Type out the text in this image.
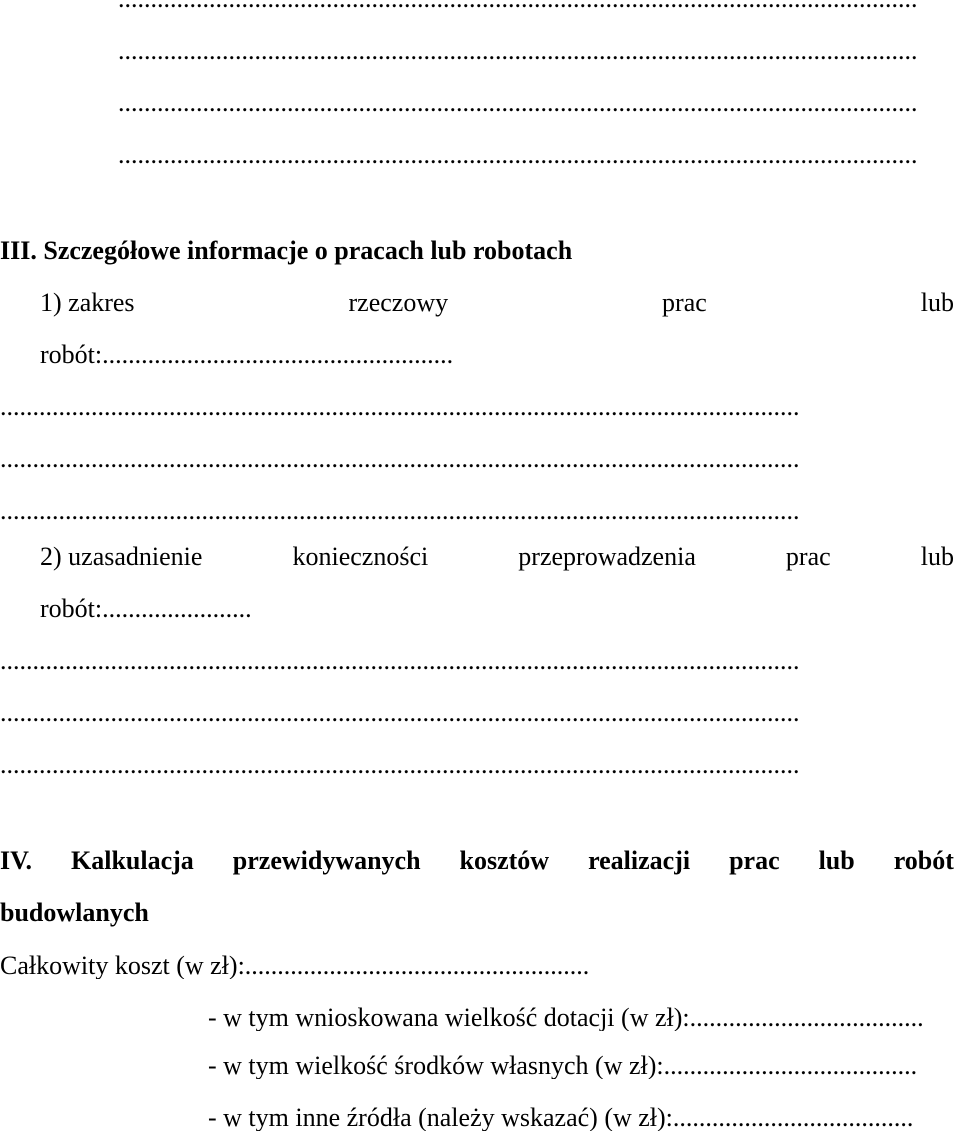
...........................................................................................................................
...........................................................................................................................
...........................................................................................................................
III. Szczegółowe informacje o pracach lub robotach
1) zakres	rzeczowy	prac	lub
robót:......................................................
...........................................................................................................................
...........................................................................................................................
...........................................................................................................................
2) uzasadnienie	konieczności	przeprowadzenia	prac	lub
robót:.......................
...........................................................................................................................
...........................................................................................................................
...........................................................................................................................
IV. Kalkulacja przewidywanych kosztów realizacji prac lub robót
budowlanych
Całkowity koszt (w zł):.....................................................
- w tym wnioskowana wielkość dotacji (w zł):....................................
- w tym wielkość środków własnych (w zł):.......................................
- w tym inne źródła (należy wskazać) (w zł):.....................................
